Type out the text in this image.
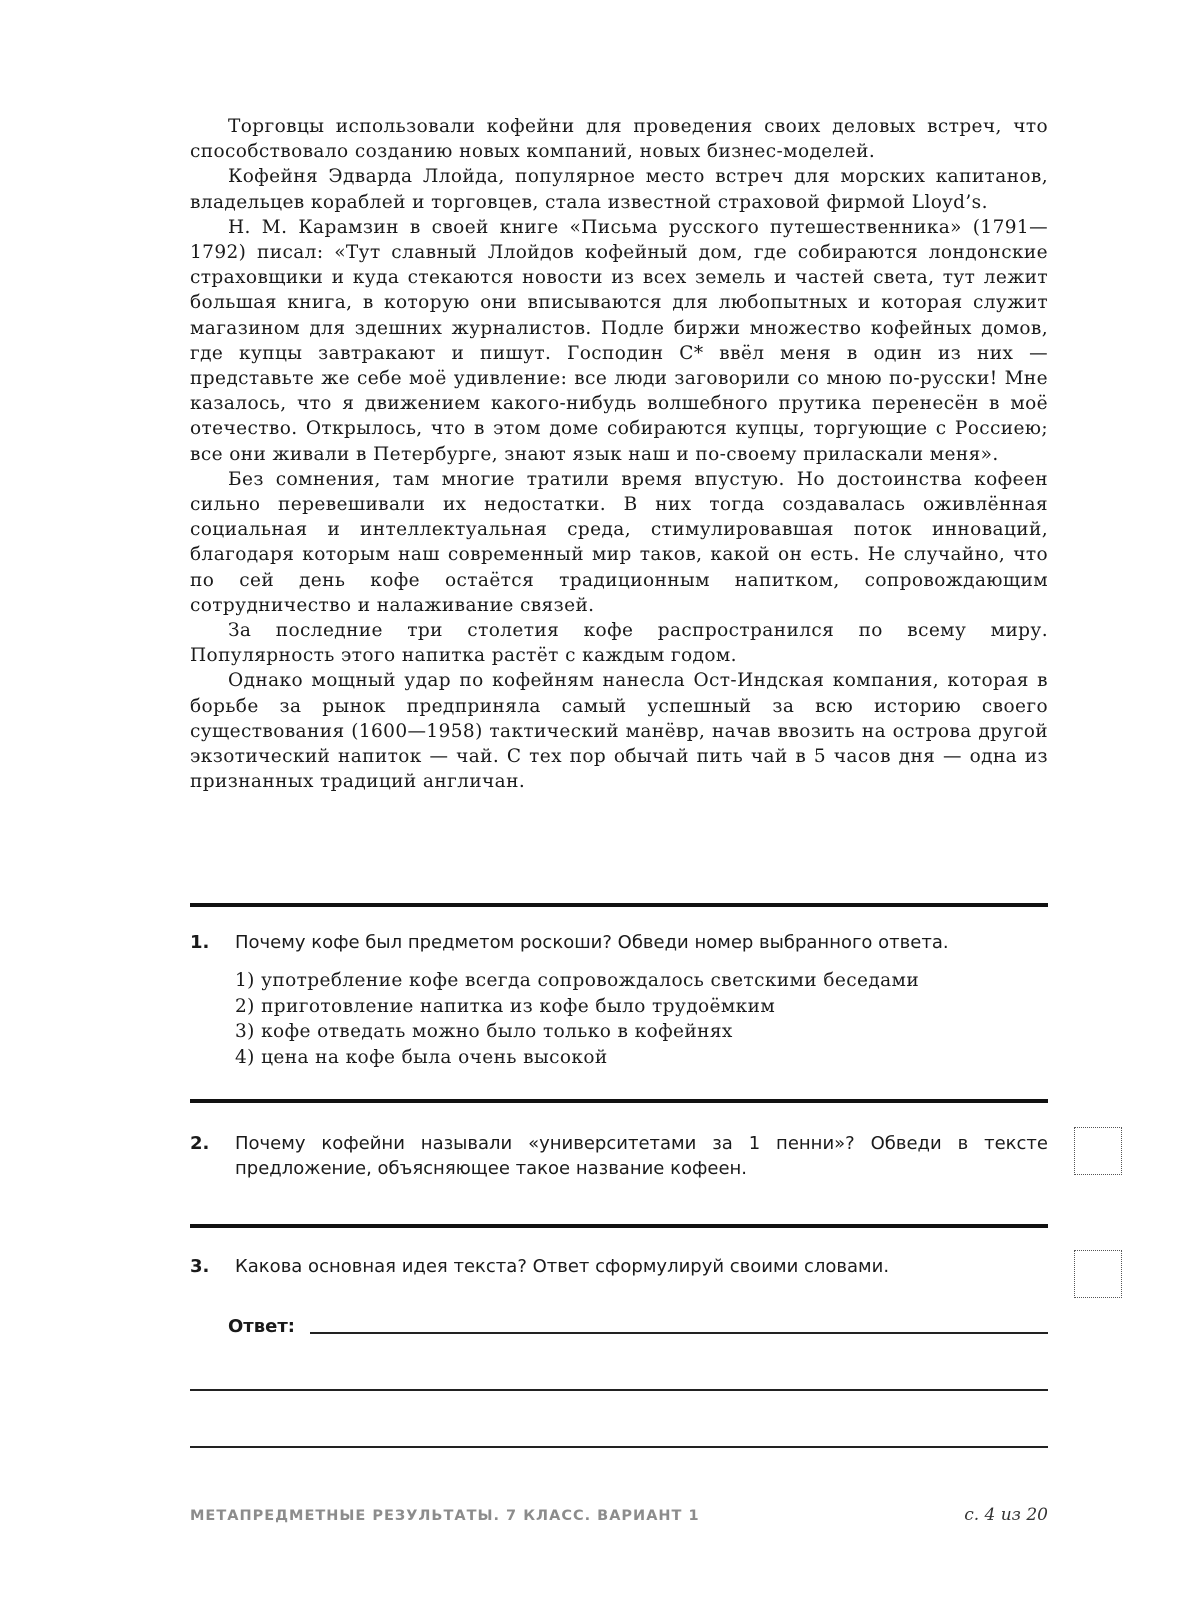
Торговцы использовали кофейни для проведения своих деловых встреч, что способствовало созданию новых компаний, новых бизнес-моделей.

Кофейня Эдварда Ллойда, популярное место встреч для морских капитанов, владельцев кораблей и торговцев, стала известной страховой фирмой Lloyd’s.

Н. М. Карамзин в своей книге «Письма русского путешественника» (1791—1792) писал: «Тут славный Ллойдов кофейный дом, где собираются лондонские страховщики и куда стекаются новости из всех земель и частей света, тут лежит большая книга, в которую они вписываются для любопытных и которая служит магазином для здешних журналистов. Подле биржи множество кофейных домов, где купцы завтракают и пишут. Господин С* ввёл меня в один из них — представьте же себе моё удивление: все люди заговорили со мною по-русски! Мне казалось, что я движением какого-нибудь волшебного прутика перенесён в моё отечество. Открылось, что в этом доме собираются купцы, торгующие с Россиею; все они живали в Петербурге, знают язык наш и по-своему приласкали меня».

Без сомнения, там многие тратили время впустую. Но достоинства кофеен сильно перевешивали их недостатки. В них тогда создавалась оживлённая социальная и интеллектуальная среда, стимулировавшая поток инноваций, благодаря которым наш современный мир таков, какой он есть. Не случайно, что по сей день кофе остаётся традиционным напитком, сопровождающим сотрудничество и налаживание связей.

За последние три столетия кофе распространился по всему миру. Популярность этого напитка растёт с каждым годом.

Однако мощный удар по кофейням нанесла Ост-Индская компания, которая в борьбе за рынок предприняла самый успешный за всю историю своего существования (1600—1958) тактический манёвр, начав ввозить на острова другой экзотический напиток — чай. С тех пор обычай пить чай в 5 часов дня — одна из признанных традиций англичан.

1. Почему кофе был предметом роскоши? Обведи номер выбранного ответа.
1) употребление кофе всегда сопровождалось светскими беседами
2) приготовление напитка из кофе было трудоёмким
3) кофе отведать можно было только в кофейнях
4) цена на кофе была очень высокой
2. Почему кофейни называли «университетами за 1 пенни»? Обведи в тексте предложение, объясняющее такое название кофеен.
3. Какова основная идея текста? Ответ сформулируй своими словами.
Ответ:
МЕТАПРЕДМЕТНЫЕ РЕЗУЛЬТАТЫ. 7 КЛАСС. ВАРИАНТ 1	с. 4 из 20
